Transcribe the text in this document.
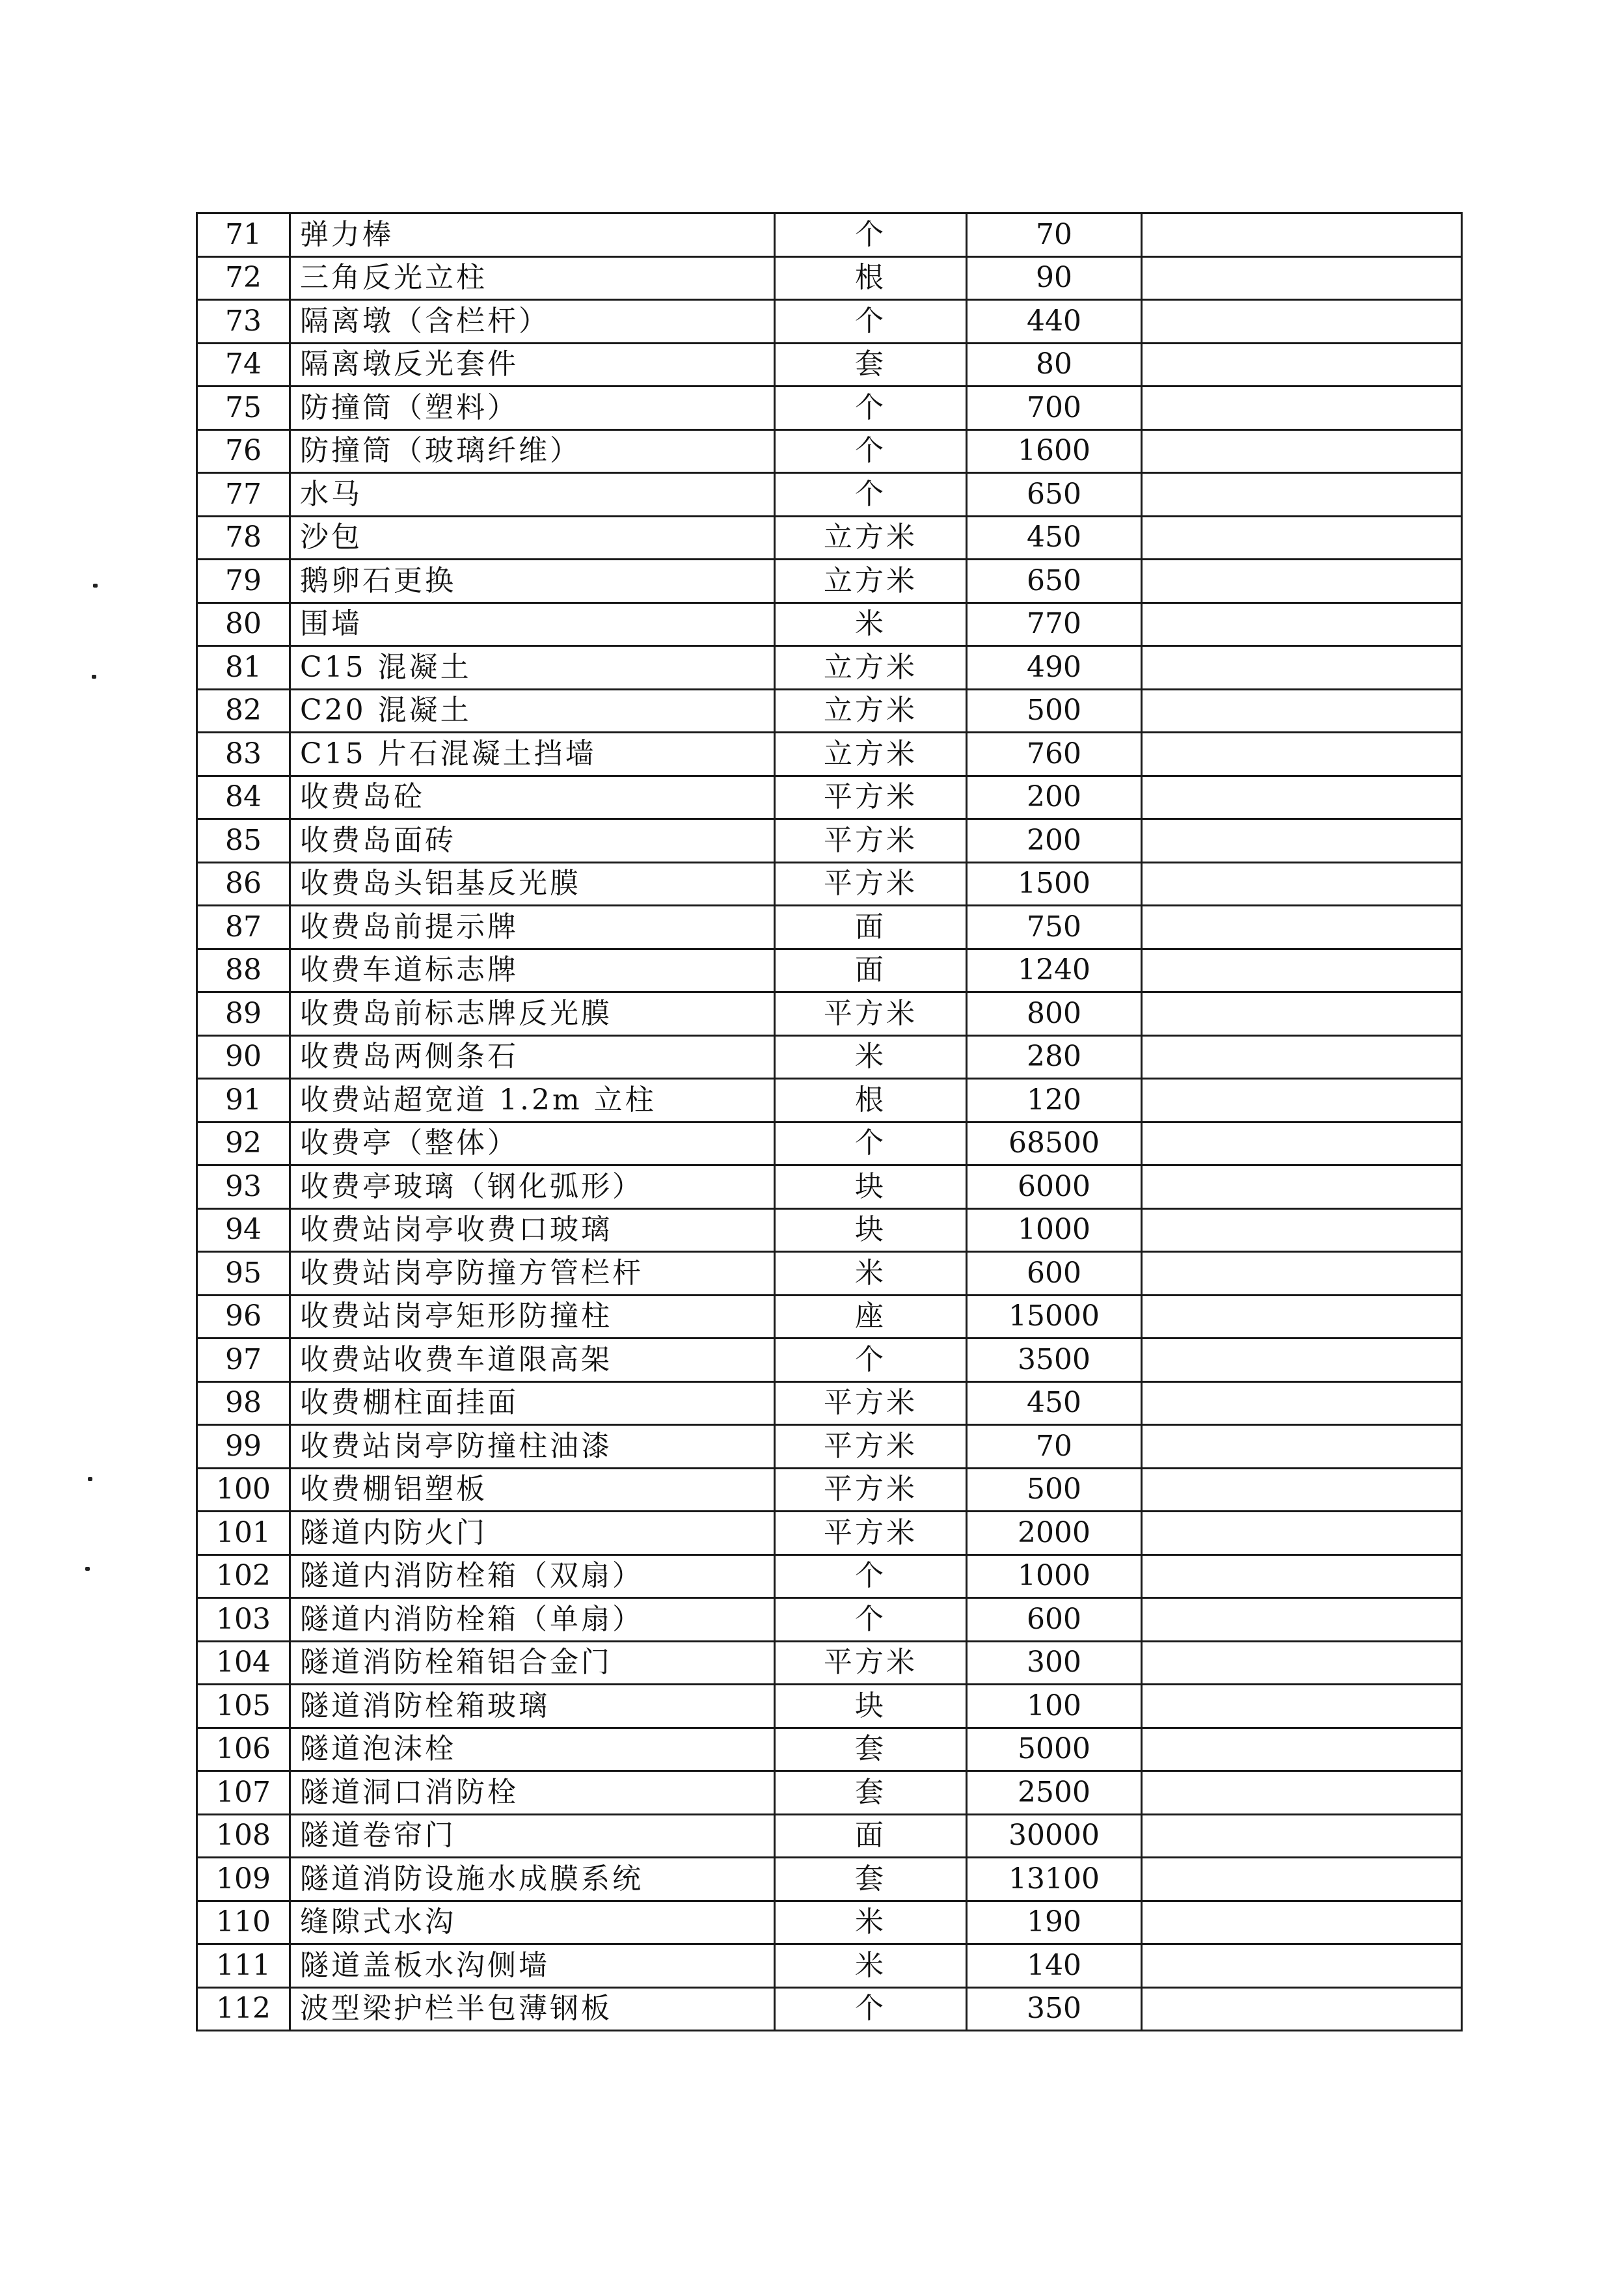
71	弹力棒	个	70	
72	三角反光立柱	根	90	
73	隔离墩（含栏杆）	个	440	
74	隔离墩反光套件	套	80	
75	防撞筒（塑料）	个	700	
76	防撞筒（玻璃纤维）	个	1600	
77	水马	个	650	
78	沙包	立方米	450	
79	鹅卵石更换	立方米	650	
80	围墙	米	770	
81	C15 混凝土	立方米	490	
82	C20 混凝土	立方米	500	
83	C15 片石混凝土挡墙	立方米	760	
84	收费岛砼	平方米	200	
85	收费岛面砖	平方米	200	
86	收费岛头铝基反光膜	平方米	1500	
87	收费岛前提示牌	面	750	
88	收费车道标志牌	面	1240	
89	收费岛前标志牌反光膜	平方米	800	
90	收费岛两侧条石	米	280	
91	收费站超宽道 1.2m 立柱	根	120	
92	收费亭（整体）	个	68500	
93	收费亭玻璃（钢化弧形）	块	6000	
94	收费站岗亭收费口玻璃	块	1000	
95	收费站岗亭防撞方管栏杆	米	600	
96	收费站岗亭矩形防撞柱	座	15000	
97	收费站收费车道限高架	个	3500	
98	收费棚柱面挂面	平方米	450	
99	收费站岗亭防撞柱油漆	平方米	70	
100	收费棚铝塑板	平方米	500	
101	隧道内防火门	平方米	2000	
102	隧道内消防栓箱（双扇）	个	1000	
103	隧道内消防栓箱（单扇）	个	600	
104	隧道消防栓箱铝合金门	平方米	300	
105	隧道消防栓箱玻璃	块	100	
106	隧道泡沫栓	套	5000	
107	隧道洞口消防栓	套	2500	
108	隧道卷帘门	面	30000	
109	隧道消防设施水成膜系统	套	13100	
110	缝隙式水沟	米	190	
111	隧道盖板水沟侧墙	米	140	
112	波型梁护栏半包薄钢板	个	350	
